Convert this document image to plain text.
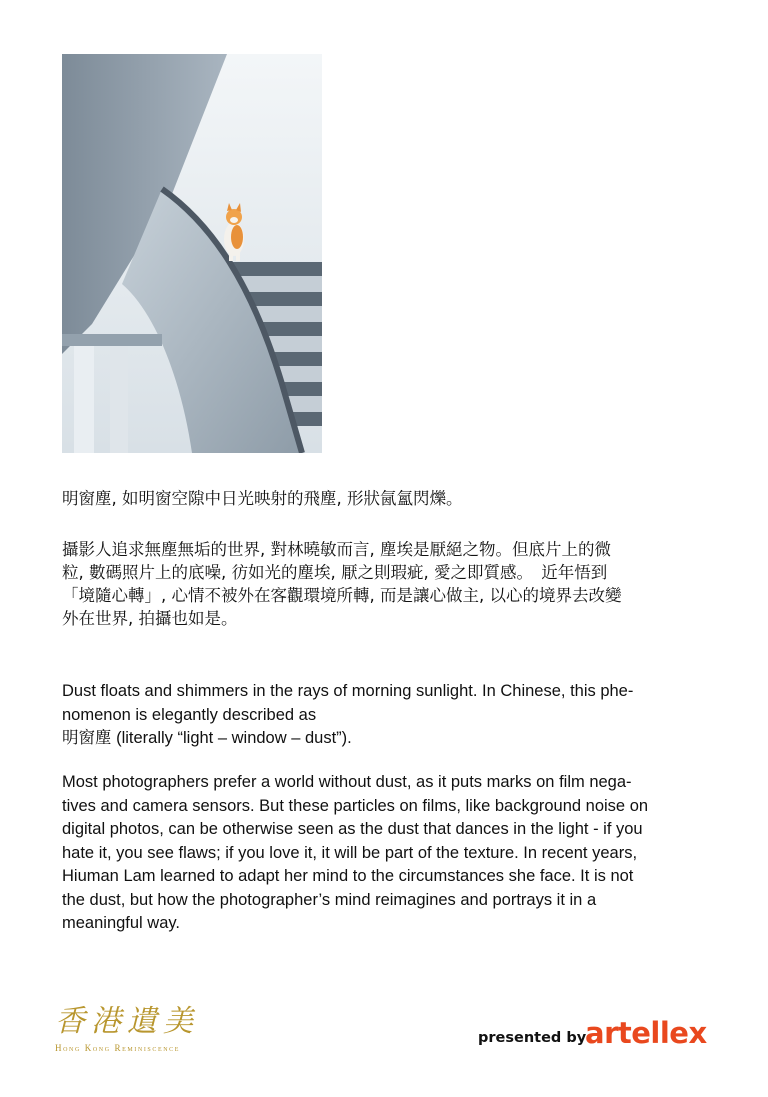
明窗塵, 如明窗空隙中日光映射的飛塵, 形狀氤氳閃爍。

攝影人追求無塵無垢的世界, 對林曉敏而言, 塵埃是厭絕之物。但底片上的微

粒, 數碼照片上的底噪, 彷如光的塵埃, 厭之則瑕疵, 愛之即質感。　近年悟到

「境隨心轉」, 心情不被外在客觀環境所轉, 而是讓心做主, 以心的境界去改變

外在世界, 拍攝也如是。

Dust floats and shimmers in the rays of morning sunlight. In Chinese, this phe-

nomenon is elegantly described as

明窗塵 (literally “light – window – dust”).

Most photographers prefer a world without dust, as it puts marks on film nega-

tives and camera sensors. But these particles on films, like background noise on

digital photos, can be otherwise seen as the dust that dances in the light - if you

hate it, you see flaws; if you love it, it will be part of the texture. In recent years,

Hiuman Lam learned to adapt her mind to the circumstances she face. It is not

the dust, but how the photographer’s mind reimagines and portrays it in a

meaningful way.

香港遺美
Hong Kong Reminiscence
presented by
artellex
